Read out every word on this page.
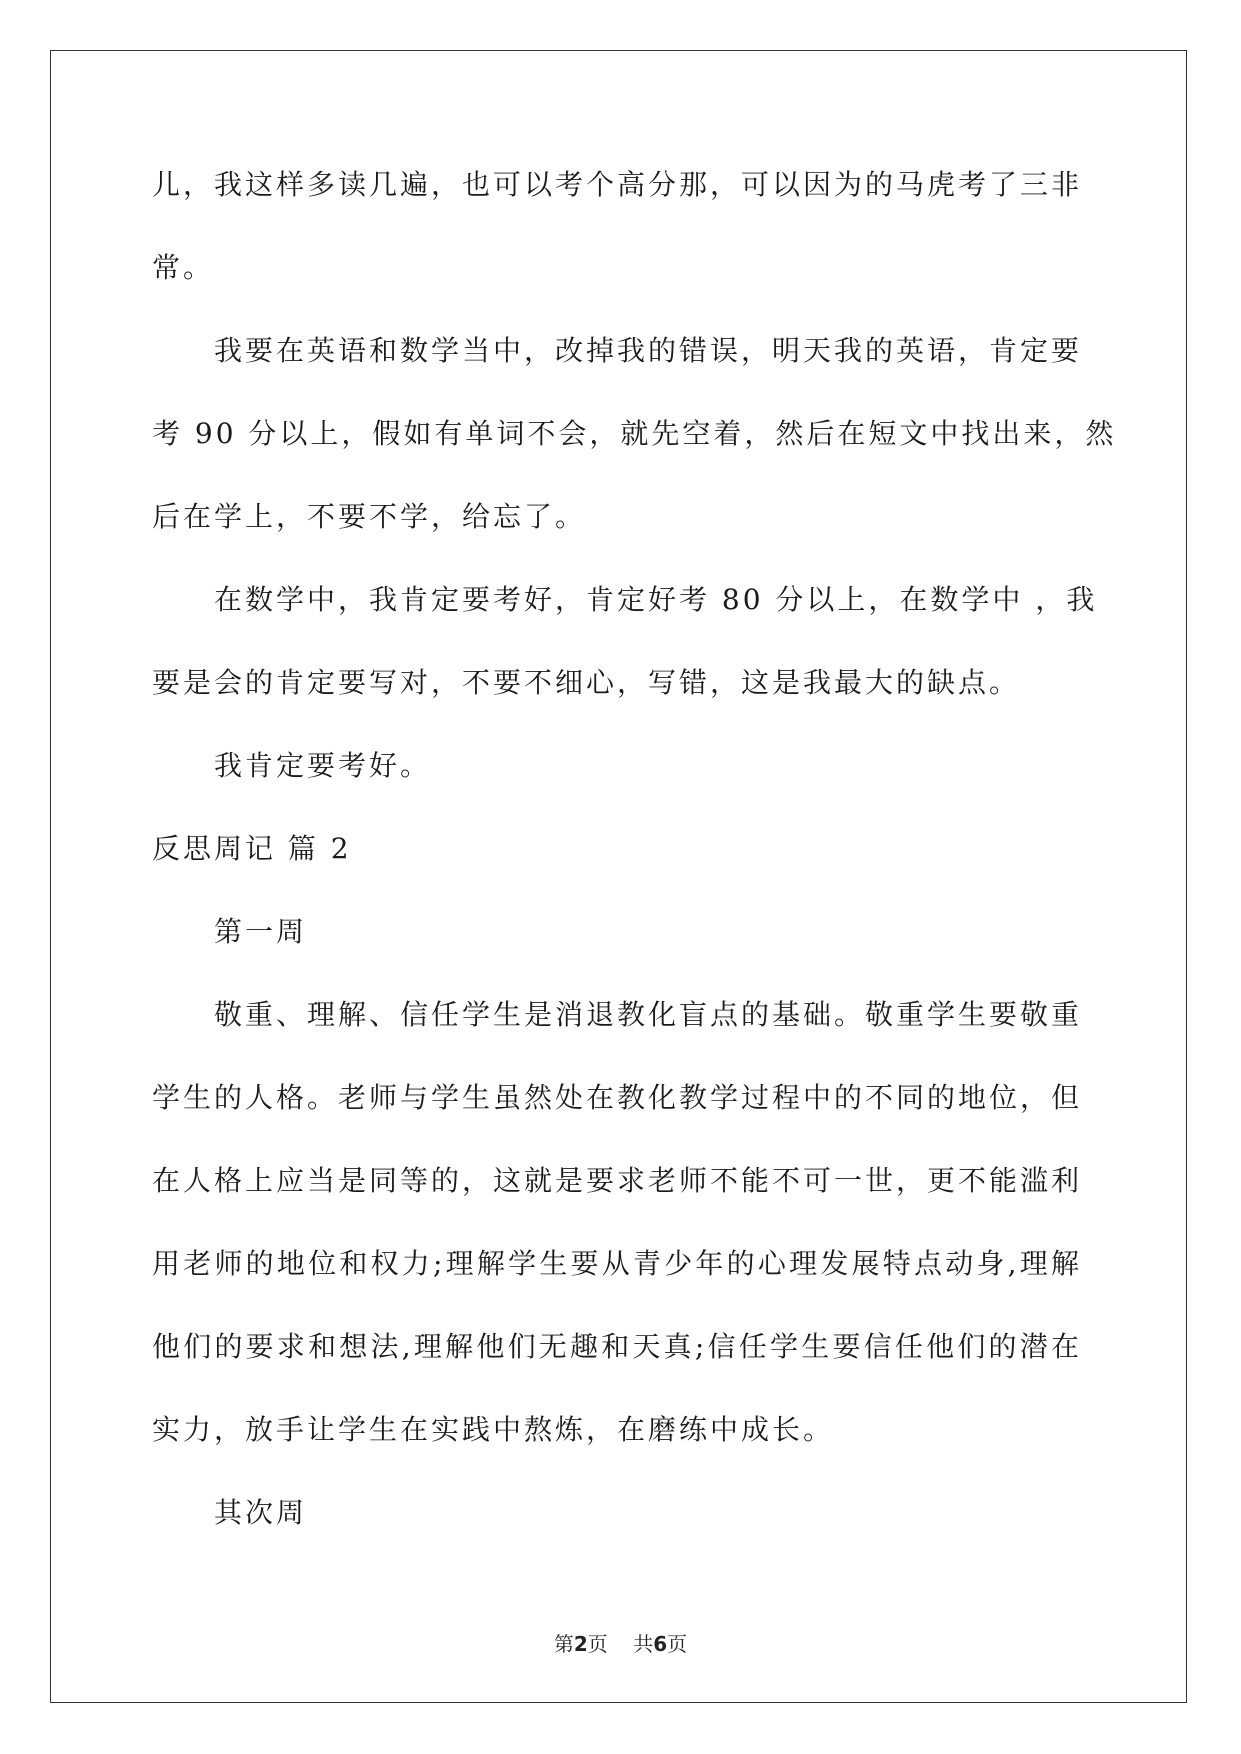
儿，我这样多读几遍，也可以考个高分那，可以因为的马虎考了三非
常。
我要在英语和数学当中，改掉我的错误，明天我的英语，肯定要
考 90 分以上，假如有单词不会，就先空着，然后在短文中找出来，然
后在学上，不要不学，给忘了。
在数学中，我肯定要考好，肯定好考 80 分以上，在数学中 ，我
要是会的肯定要写对，不要不细心，写错，这是我最大的缺点。
我肯定要考好。
反思周记 篇 2
第一周
敬重、理解、信任学生是消退教化盲点的基础。敬重学生要敬重
学生的人格。老师与学生虽然处在教化教学过程中的不同的地位，但
在人格上应当是同等的，这就是要求老师不能不可一世，更不能滥利
用老师的地位和权力;理解学生要从青少年的心理发展特点动身,理解
他们的要求和想法,理解他们无趣和天真;信任学生要信任他们的潜在
实力，放手让学生在实践中熬炼，在磨练中成长。
其次周
第2页    共6页
